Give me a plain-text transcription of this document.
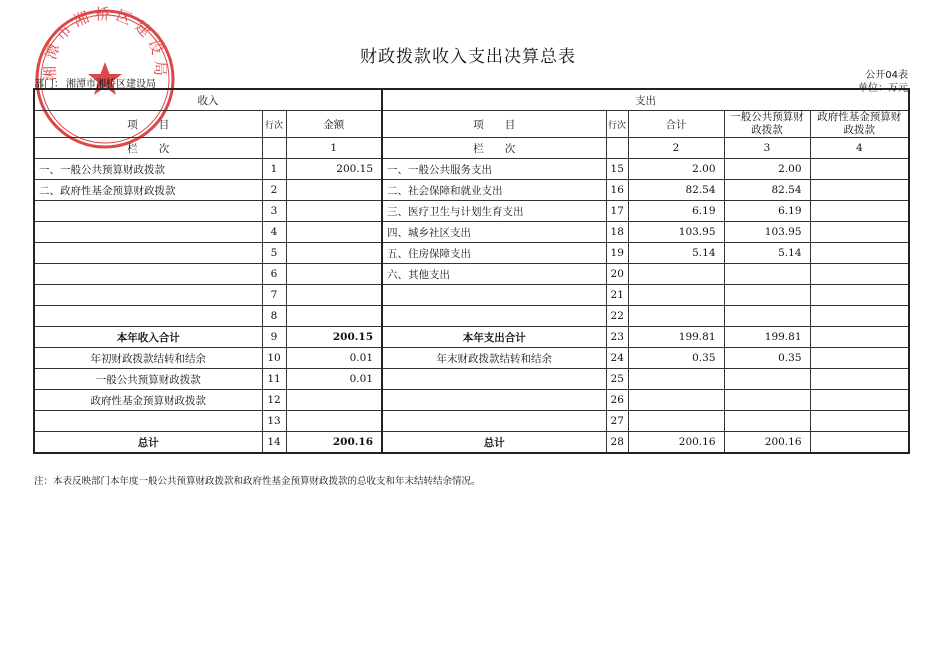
湘潭市湘桥区建设局
财政拨款收入支出决算总表
公开04表
单位：万元
部门： 湘潭市湘桥区建设局
收入			支出				
项　　目	行次	金额	项　　目	行次	合计	一般公共预算财政拨款	政府性基金预算财政拨款
栏　　次		1	栏　　次		2	3	4
一、一般公共预算财政拨款	1	200.15	一、一般公共服务支出	15	2.00	2.00	
二、政府性基金预算财政拨款	2		二、社会保障和就业支出	16	82.54	82.54	
	3		三、医疗卫生与计划生育支出	17	6.19	6.19	
	4		四、城乡社区支出	18	103.95	103.95	
	5		五、住房保障支出	19	5.14	5.14	
	6		六、其他支出	20			
	7			21			
	8			22			
本年收入合计	9	200.15	本年支出合计	23	199.81	199.81	
年初财政拨款结转和结余	10	0.01	年末财政拨款结转和结余	24	0.35	0.35	
一般公共预算财政拨款	11	0.01		25			
政府性基金预算财政拨款	12			26			
	13			27			
总计	14	200.16	总计	28	200.16	200.16	
注：本表反映部门本年度一般公共预算财政拨款和政府性基金预算财政拨款的总收支和年末结转结余情况。
